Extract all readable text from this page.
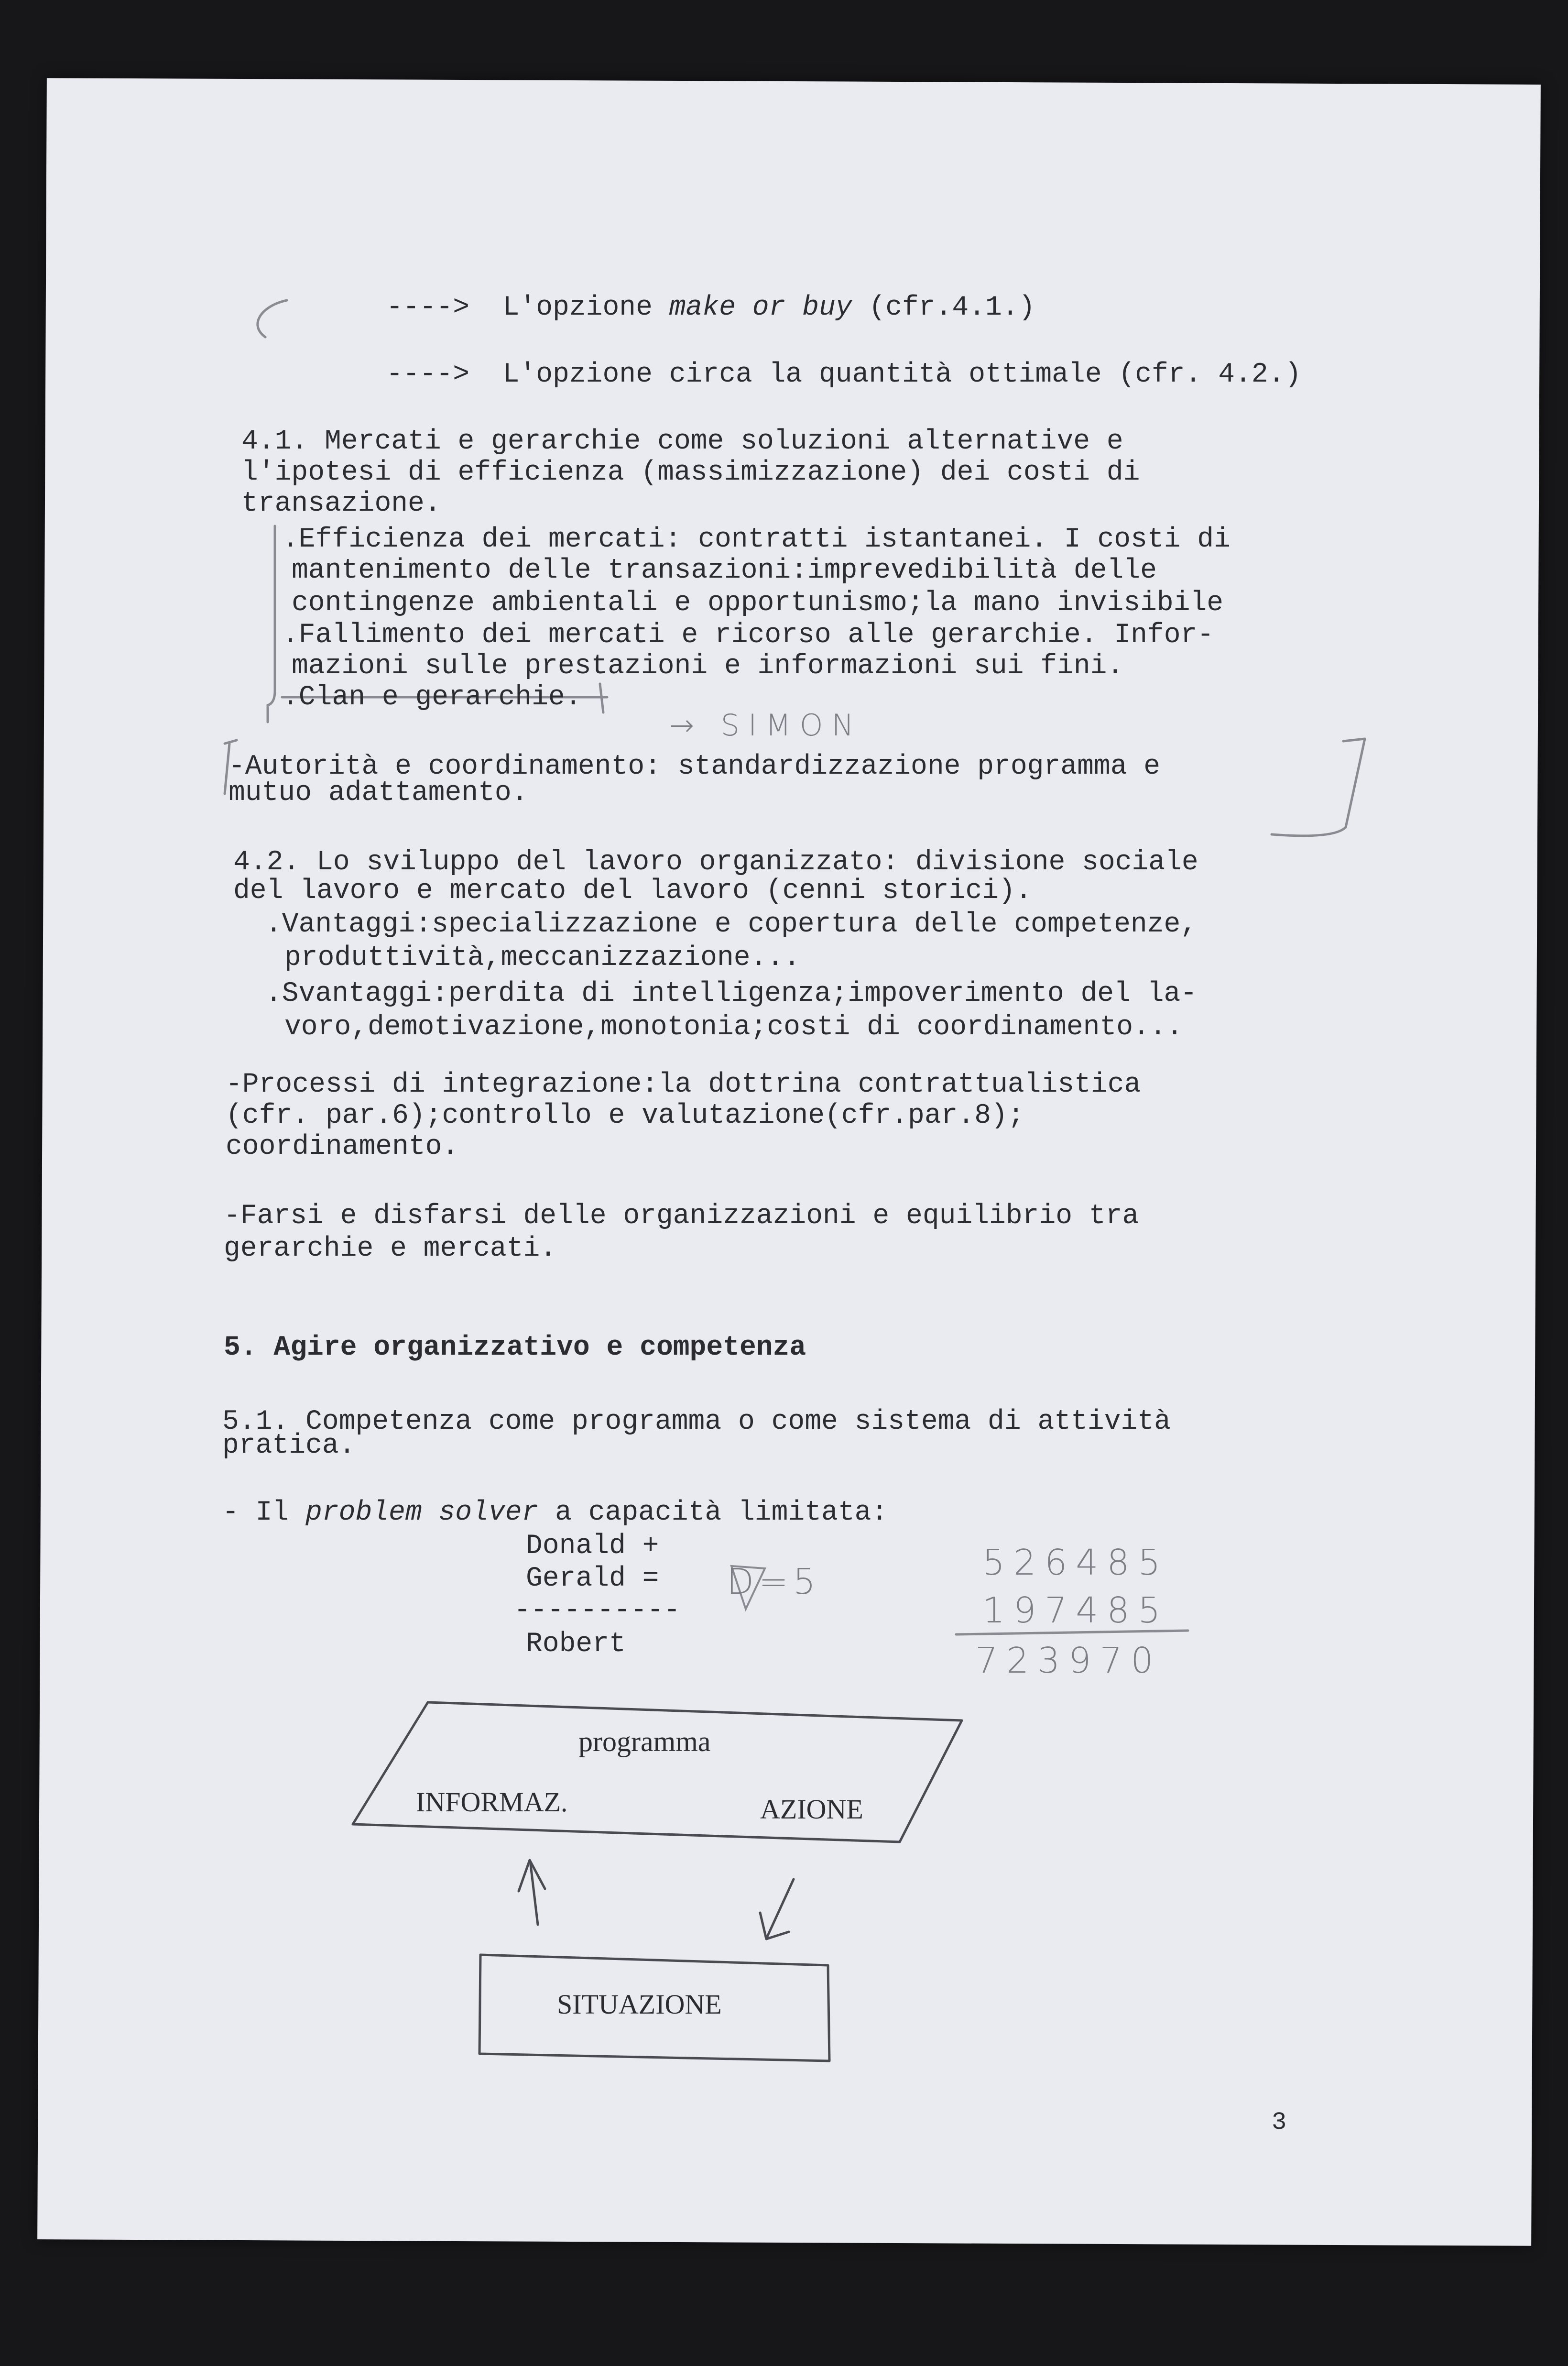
---->  L'opzione make or buy (cfr.4.1.)
---->  L'opzione circa la quantità ottimale (cfr. 4.2.)
4.1. Mercati e gerarchie come soluzioni alternative e
l'ipotesi di efficienza (massimizzazione) dei costi di
transazione.
.Efficienza dei mercati: contratti istantanei. I costi di
mantenimento delle transazioni:imprevedibilità delle
contingenze ambientali e opportunismo;la mano invisibile
.Fallimento dei mercati e ricorso alle gerarchie. Infor-
mazioni sulle prestazioni e informazioni sui fini.
.Clan e gerarchie.
→ SIMON
-Autorità e coordinamento: standardizzazione programma e
mutuo adattamento.
4.2. Lo sviluppo del lavoro organizzato: divisione sociale
del lavoro e mercato del lavoro (cenni storici).
.Vantaggi:specializzazione e copertura delle competenze,
produttività,meccanizzazione...
.Svantaggi:perdita di intelligenza;impoverimento del la-
voro,demotivazione,monotonia;costi di coordinamento...
-Processi di integrazione:la dottrina contrattualistica
(cfr. par.6);controllo e valutazione(cfr.par.8);
coordinamento.
-Farsi e disfarsi delle organizzazioni e equilibrio tra
gerarchie e mercati.
5. Agire organizzativo e competenza
5.1. Competenza come programma o come sistema di attività
pratica.
- Il problem solver a capacità limitata:
Donald +
Gerald =
----------
Robert
D=5	526485
197485
723970
programma
INFORMAZ.	AZIONE
SITUAZIONE
3
